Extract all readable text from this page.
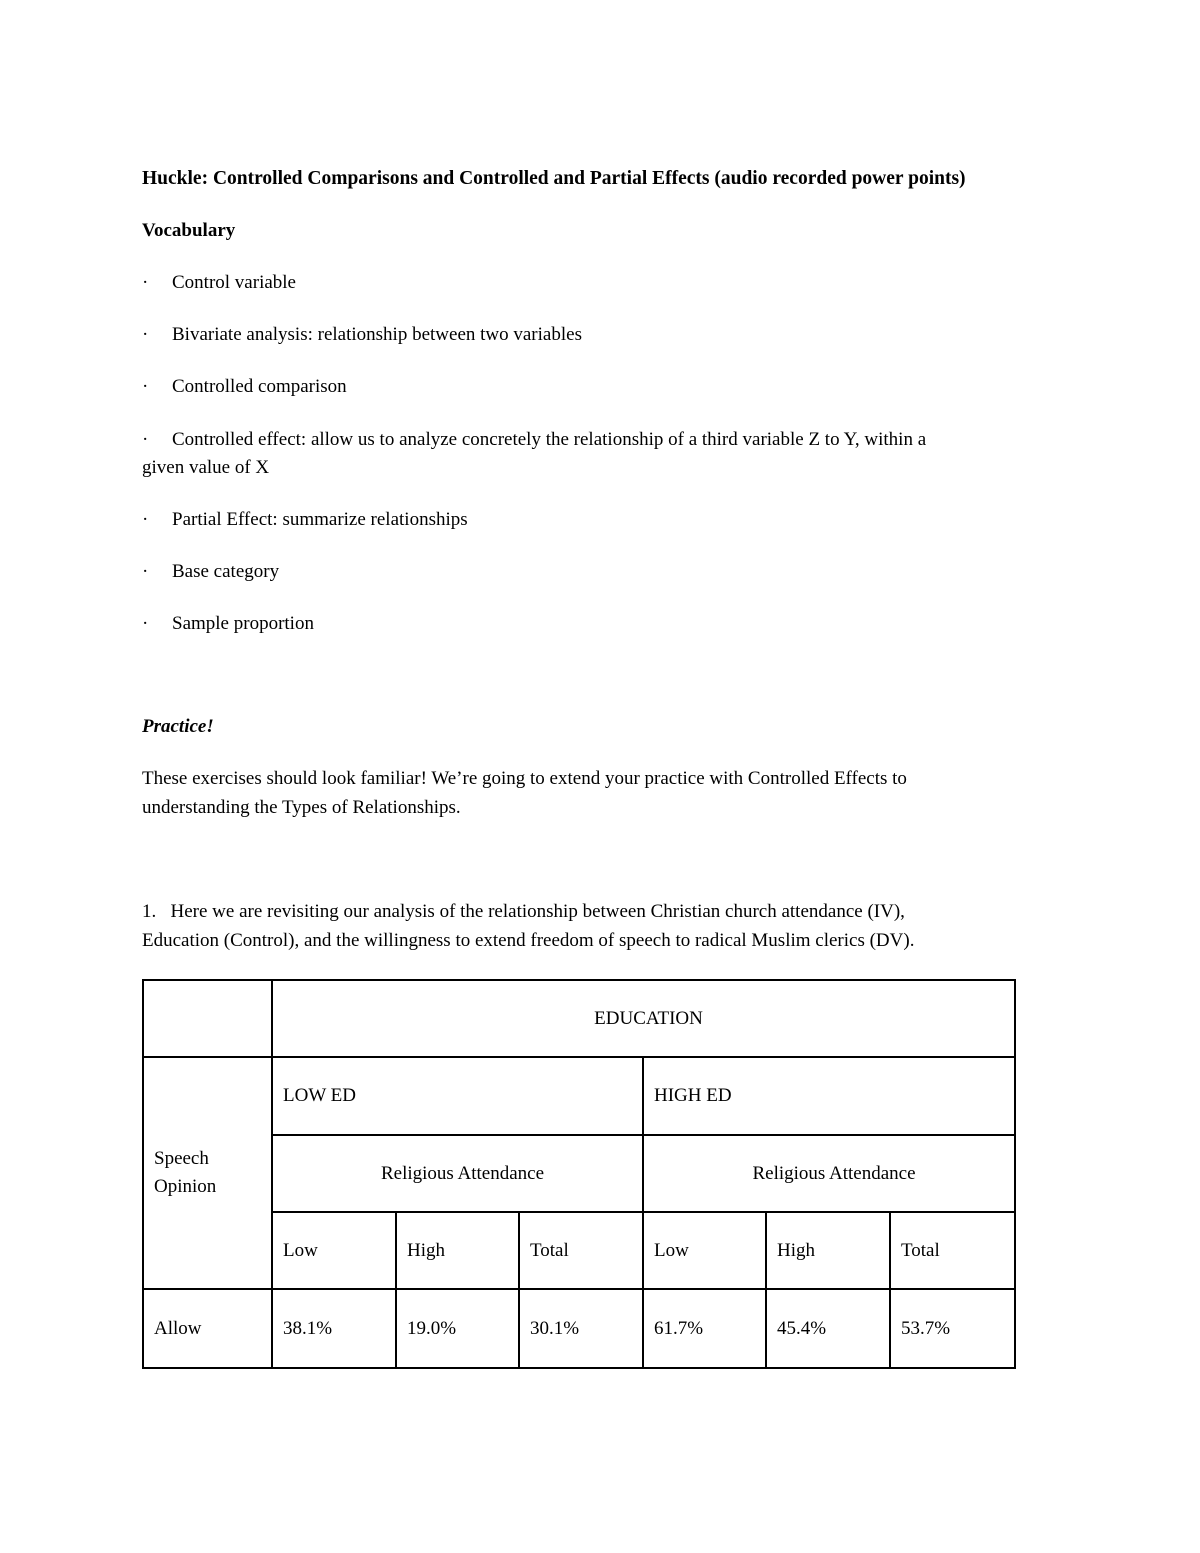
Huckle: Controlled Comparisons and Controlled and Partial Effects (audio recorded power points)

Vocabulary

· Control variable

· Bivariate analysis: relationship between two variables

· Controlled comparison

· Controlled effect: allow us to analyze concretely the relationship of a third variable Z to Y, within a

given value of X

· Partial Effect: summarize relationships

· Base category

· Sample proportion

Practice!

These exercises should look familiar! We’re going to extend your practice with Controlled Effects to

understanding the Types of Relationships.

1.   Here we are revisiting our analysis of the relationship between Christian church attendance (IV),

Education (Control), and the willingness to extend freedom of speech to radical Muslim clerics (DV).

	EDUCATION					
Speech Opinion	LOW ED			HIGH ED		
	Religious Attendance			Religious Attendance		
	Low	High	Total	Low	High	Total
Allow	38.1%	19.0%	30.1%	61.7%	45.4%	53.7%
